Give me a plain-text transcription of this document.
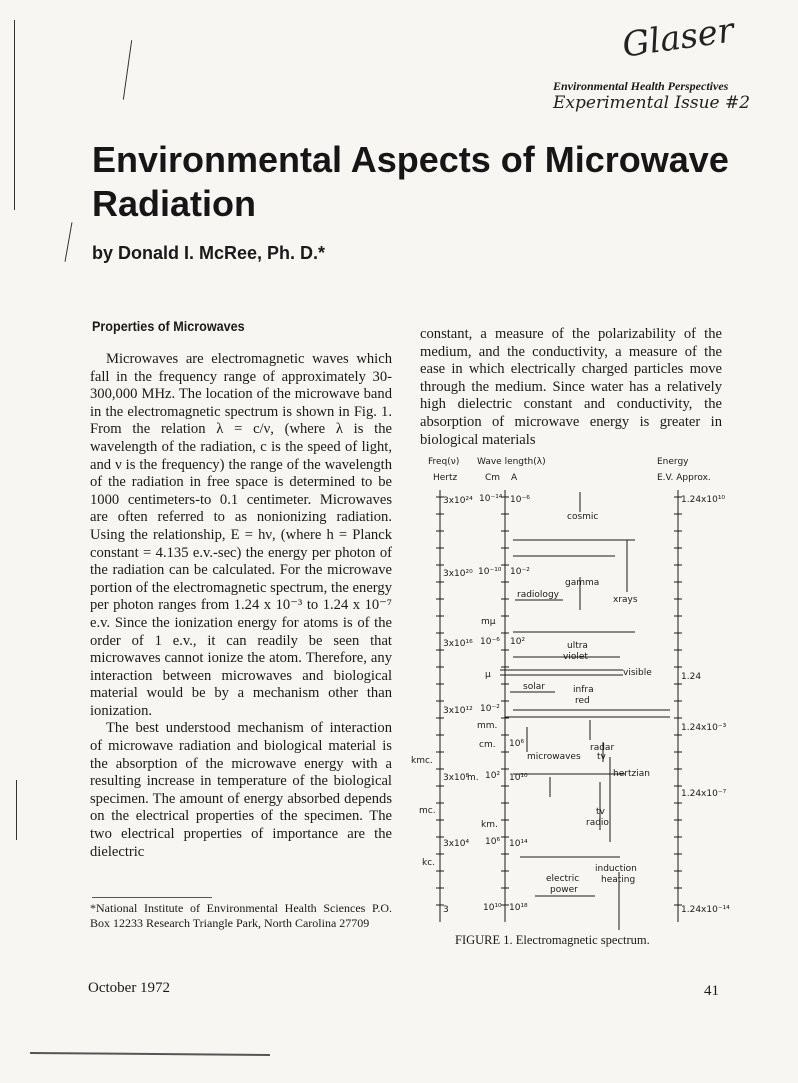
Glaser
Environmental Health Perspectives
Experimental Issue #2
Environmental Aspects of Microwave Radiation
by Donald I. McRee, Ph. D.*
Properties of Microwaves

Microwaves are electromagnetic waves which fall in the frequency range of approximately 30-300,000 MHz. The location of the microwave band in the electromagnetic spectrum is shown in Fig. 1. From the relation λ = c/ν, (where λ is the wavelength of the radiation, c is the speed of light, and ν is the frequency) the range of the wavelength of the radiation in free space is determined to be 1000 centimeters-to 0.1 centimeter. Microwaves are often referred to as nonionizing radiation. Using the relationship, E = hν, (where h = Planck constant = 4.135 e.v.-sec) the energy per photon of the radiation can be calculated. For the microwave portion of the electromagnetic spectrum, the energy per photon ranges from 1.24 x 10⁻³ to 1.24 x 10⁻⁷ e.v. Since the ionization energy for atoms is of the order of 1 e.v., it can readily be seen that microwaves cannot ionize the atom. Therefore, any interaction between microwaves and biological material would be by a mechanism other than ionization.

The best understood mechanism of interaction of microwave radiation and biological material is the absorption of the microwave energy with a resulting increase in temperature of the biological specimen. The amount of energy absorbed depends on the electrical properties of the specimen. The two electrical properties of importance are the dielectric

*National Institute of Environmental Health Sciences P.O. Box 12233 Research Triangle Park, North Carolina 27709

constant, a measure of the polarizability of the medium, and the conductivity, a measure of the ease in which electrically charged particles move through the medium. Since water has a relatively high dielectric constant and conductivity, the absorption of microwave energy is greater in biological materials

Freq(ν) Wave length(λ)	Energy
Hertz	Cm A	E.V. Approx.
3x10²⁴
3x10²⁰
3x10¹⁶
3x10¹²
3x10⁸
3x10⁴
3
10⁻¹⁴
10⁻¹⁰
10⁻⁶
10⁻²
10²
10⁶
10¹⁰
10⁻⁶
10⁻²
10²
10⁶
10¹⁰
10¹⁴
10¹⁸
mμ
μ
mm.
cm.
m.
km.
kmc.
mc.
kc.
1.24x10¹⁰
1.24
1.24x10⁻³
1.24x10⁻⁷
1.24x10⁻¹⁴
cosmic
gamma
radiology	xrays
ultra
violet
visible
solar	infra
red
radar
microwaves tv
hertzian
tv
radio
induction
heating
electric
power
FIGURE 1. Electromagnetic spectrum.
October 1972	41
